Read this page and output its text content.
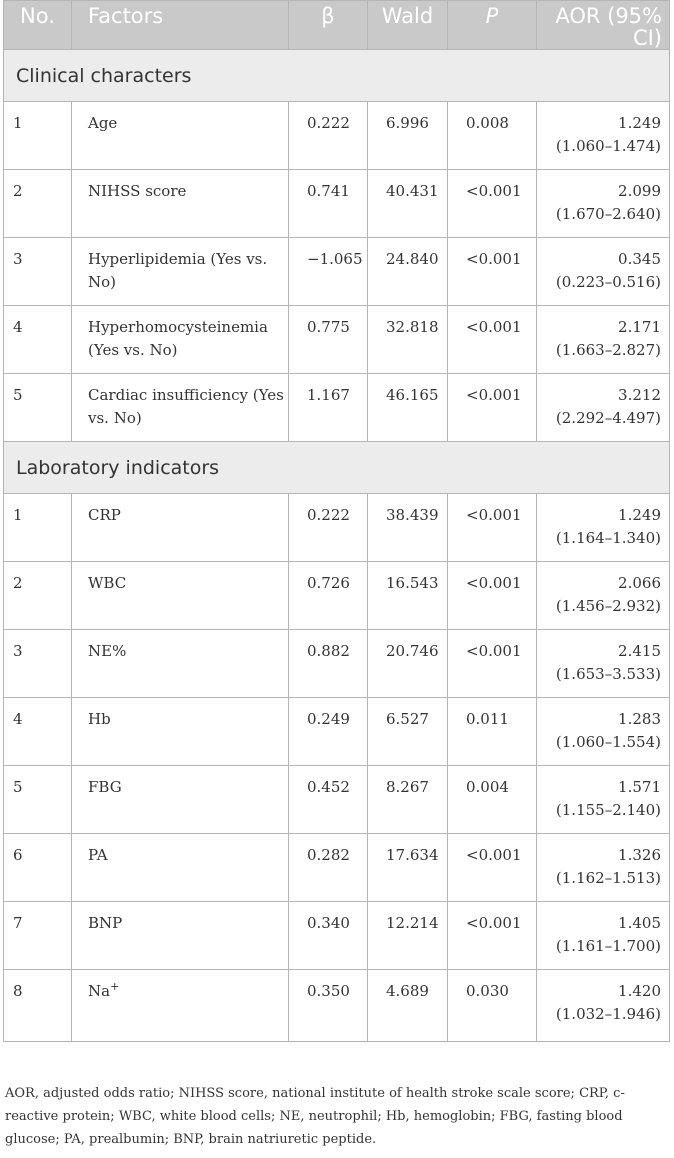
No.	Factors	β	Wald	P	AOR (95% CI)
Clinical characters					
1	Age	0.222	6.996	0.008	1.249
(1.060–1.474)

2	NIHSS score	0.741	40.431	<0.001	2.099
(1.670–2.640)

3	Hyperlipidemia (Yes vs. No)	−1.065	24.840	<0.001	0.345
(0.223–0.516)

4	Hyperhomocysteinemia (Yes vs. No)	0.775	32.818	<0.001	2.171
(1.663–2.827)

5	Cardiac insufficiency (Yes vs. No)	1.167	46.165	<0.001	3.212
(2.292–4.497)

Laboratory indicators					
1	CRP	0.222	38.439	<0.001	1.249
(1.164–1.340)

2	WBC	0.726	16.543	<0.001	2.066
(1.456–2.932)

3	NE%	0.882	20.746	<0.001	2.415
(1.653–3.533)

4	Hb	0.249	6.527	0.011	1.283
(1.060–1.554)

5	FBG	0.452	8.267	0.004	1.571
(1.155–2.140)

6	PA	0.282	17.634	<0.001	1.326
(1.162–1.513)

7	BNP	0.340	12.214	<0.001	1.405
(1.161–1.700)

8	Na+	0.350	4.689	0.030	1.420
(1.032–1.946)

AOR, adjusted odds ratio; NIHSS score, national institute of health stroke scale score; CRP, c-reactive protein; WBC, white blood cells; NE, neutrophil; Hb, hemoglobin; FBG, fasting blood glucose; PA, prealbumin; BNP, brain natriuretic peptide.
